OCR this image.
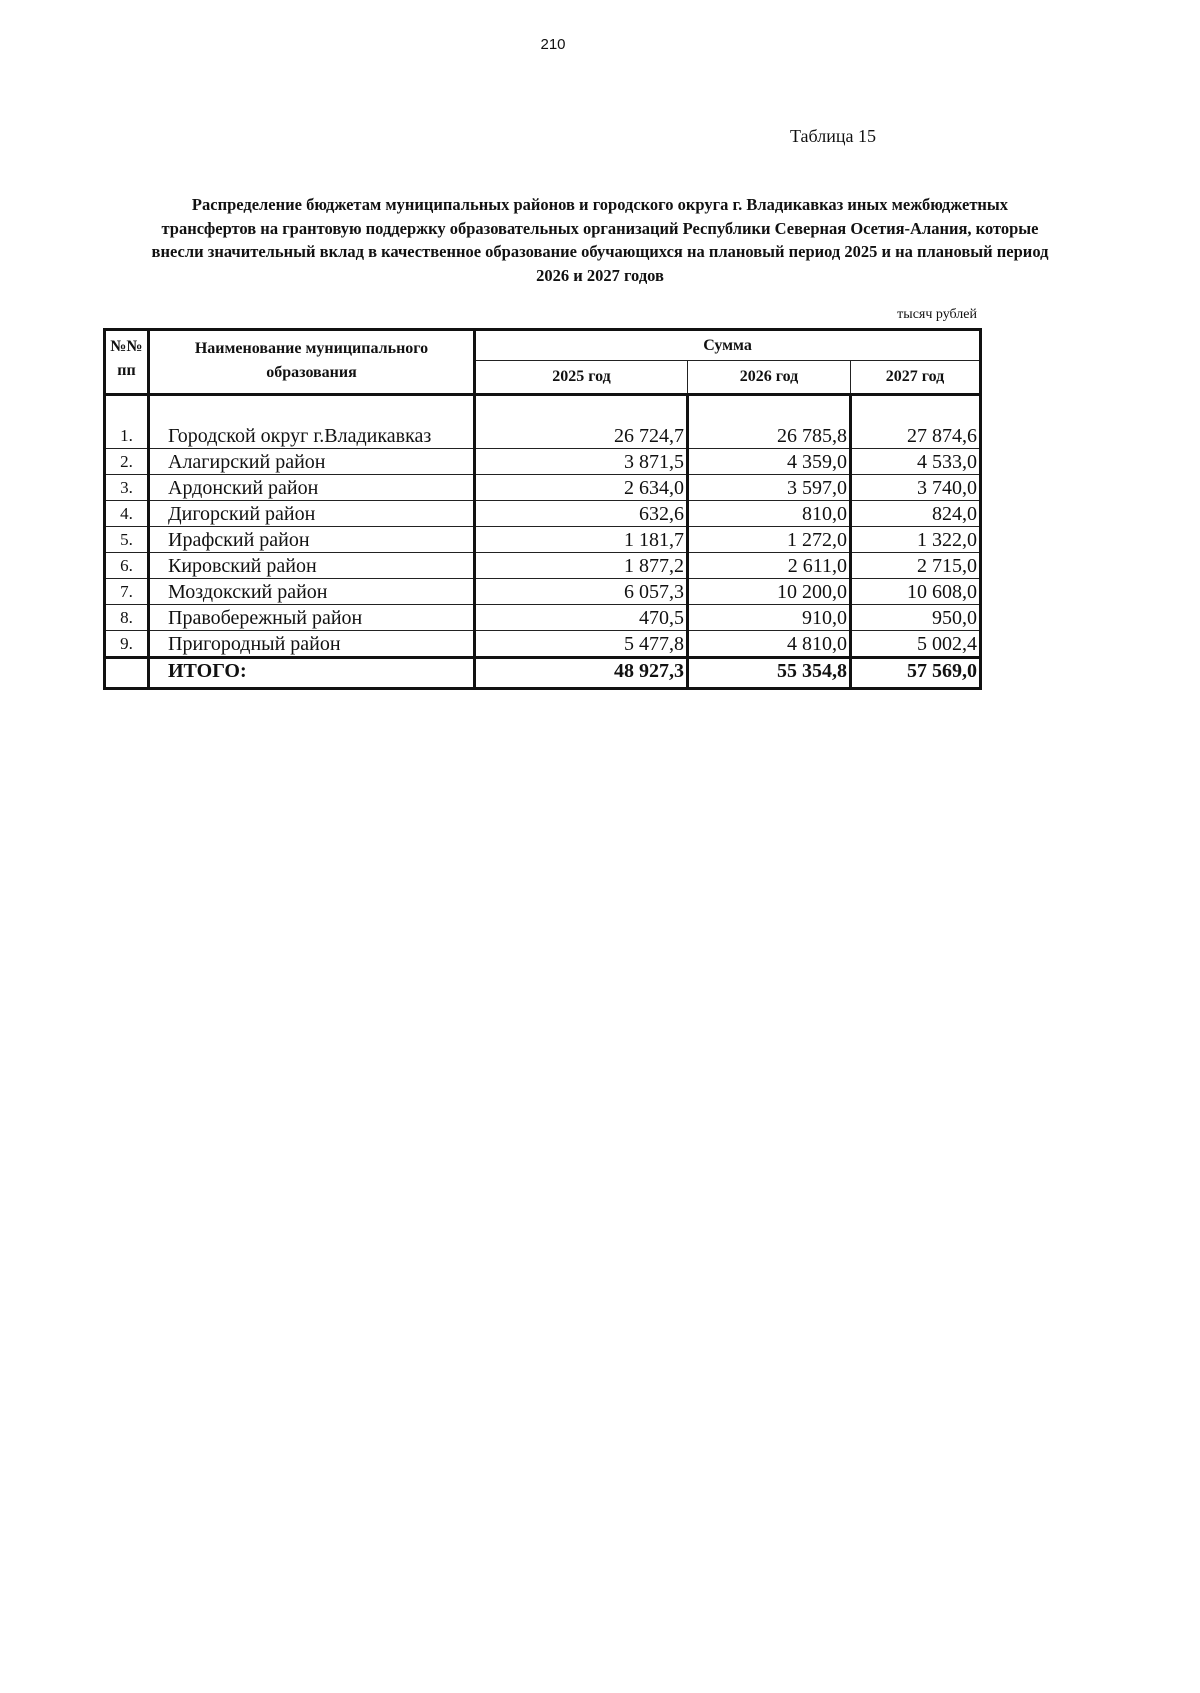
210
Таблица 15
Распределение бюджетам муниципальных районов и городского округа г. Владикавказ иных межбюджетных трансфертов на грантовую поддержку образовательных организаций Республики Северная Осетия-Алания, которые внесли значительный вклад в качественное образование обучающихся на плановый период 2025 и на плановый период 2026 и 2027 годов
тысяч рублей
№№ пп	Наименование муниципального образования	Сумма		
		2025 год	2026 год	2027 год
1.	Городской округ г.Владикавказ	26 724,7	26 785,8	27 874,6
2.	Алагирский район	3 871,5	4 359,0	4 533,0
3.	Ардонский район	2 634,0	3 597,0	3 740,0
4.	Дигорский район	632,6	810,0	824,0
5.	Ирафский район	1 181,7	1 272,0	1 322,0
6.	Кировский район	1 877,2	2 611,0	2 715,0
7.	Моздокский район	6 057,3	10 200,0	10 608,0
8.	Правобережный район	470,5	910,0	950,0
9.	Пригородный район	5 477,8	4 810,0	5 002,4
	ИТОГО:	48 927,3	55 354,8	57 569,0
